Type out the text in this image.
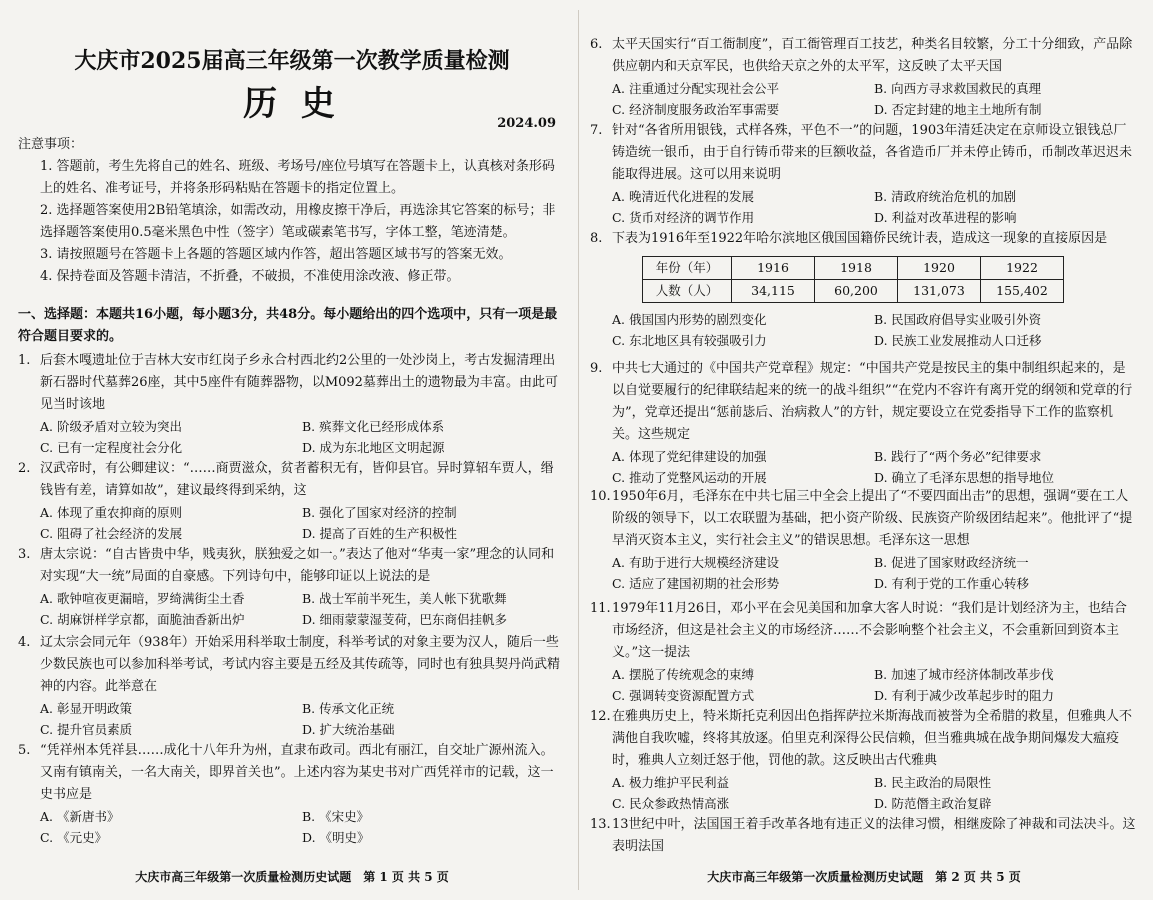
大庆市2025届高三年级第一次教学质量检测
历 史	2024.09
注意事项：
1. 答题前，考生先将自己的姓名、班级、考场号/座位号填写在答题卡上，认真核对条形码上的姓名、准考证号，并将条形码粘贴在答题卡的指定位置上。
2. 选择题答案使用2B铅笔填涂，如需改动，用橡皮擦干净后，再选涂其它答案的标号；非选择题答案使用0.5毫米黑色中性（签字）笔或碳素笔书写，字体工整，笔迹清楚。
3. 请按照题号在答题卡上各题的答题区域内作答，超出答题区域书写的答案无效。
4. 保持卷面及答题卡清洁，不折叠，不破损，不准使用涂改液、修正带。
一、选择题：本题共16小题，每小题3分，共48分。每小题给出的四个选项中，只有一项是最符合题目要求的。
1. 后套木嘎遗址位于吉林大安市红岗子乡永合村西北约2公里的一处沙岗上，考古发掘清理出新石器时代墓葬26座，其中5座件有随葬器物，以M092墓葬出土的遗物最为丰富。由此可见当时该地
A. 阶级矛盾对立较为突出	B. 殡葬文化已经形成体系
C. 已有一定程度社会分化	D. 成为东北地区文明起源
2. 汉武帝时，有公卿建议：“……商贾滋众，贫者蓄积无有，皆仰县官。异时算轺车贾人，缗钱皆有差，请算如故”，建议最终得到采纳，这
A. 体现了重农抑商的原则	B. 强化了国家对经济的控制
C. 阻碍了社会经济的发展	D. 提高了百姓的生产积极性
3. 唐太宗说：“自古皆贵中华，贱夷狄，朕独爱之如一。”表达了他对“华夷一家”理念的认同和对实现“大一统”局面的自豪感。下列诗句中，能够印证以上说法的是
A. 歌钟喧夜更漏暗，罗绮满街尘土香	B. 战士军前半死生，美人帐下犹歌舞
C. 胡麻饼样学京都，面脆油香新出炉	D. 细雨蒙蒙湿芰荷，巴东商侣挂帆多
4. 辽太宗会同元年（938年）开始采用科举取士制度，科举考试的对象主要为汉人，随后一些少数民族也可以参加科举考试，考试内容主要是五经及其传疏等，同时也有独具契丹尚武精神的内容。此举意在
A. 彰显开明政策	B. 传承文化正统
C. 提升官员素质	D. 扩大统治基础
5. “凭祥州本凭祥县……成化十八年升为州，直隶布政司。西北有丽江，自交址广源州流入。又南有镇南关，一名大南关，即界首关也”。上述内容为某史书对广西凭祥市的记载，这一史书应是
A. 《新唐书》	B. 《宋史》
C. 《元史》	D. 《明史》
大庆市高三年级第一次质量检测历史试题　第 1 页 共 5 页
6. 太平天国实行“百工衙制度”，百工衙管理百工技艺，种类名目较繁，分工十分细致，产品除供应朝内和天京军民，也供给天京之外的太平军，这反映了太平天国
A. 注重通过分配实现社会公平	B. 向西方寻求救国救民的真理
C. 经济制度服务政治军事需要	D. 否定封建的地主土地所有制
7. 针对“各省所用银钱，式样各殊，平色不一”的问题，1903年清廷决定在京师设立银钱总厂铸造统一银币，由于自行铸币带来的巨额收益，各省造币厂并未停止铸币，币制改革迟迟未能取得进展。这可以用来说明
A. 晚清近代化进程的发展	B. 清政府统治危机的加剧
C. 货币对经济的调节作用	D. 利益对改革进程的影响
8. 下表为1916年至1922年哈尔滨地区俄国国籍侨民统计表，造成这一现象的直接原因是
年份（年）	1916	1918	1920	1922
人数（人）	34,115	60,200	131,073	155,402
A. 俄国国内形势的剧烈变化	B. 民国政府倡导实业吸引外资
C. 东北地区具有较强吸引力	D. 民族工业发展推动人口迁移
9. 中共七大通过的《中国共产党章程》规定：“中国共产党是按民主的集中制组织起来的，是以自觉要履行的纪律联结起来的统一的战斗组织”“在党内不容许有离开党的纲领和党章的行为”，党章还提出“惩前毖后、治病救人”的方针，规定要设立在党委指导下工作的监察机关。这些规定
A. 体现了党纪律建设的加强	B. 践行了“两个务必”纪律要求
C. 推动了党整风运动的开展	D. 确立了毛泽东思想的指导地位
10. 1950年6月，毛泽东在中共七届三中全会上提出了“不要四面出击”的思想，强调“要在工人阶级的领导下，以工农联盟为基础，把小资产阶级、民族资产阶级团结起来”。他批评了“提早消灭资本主义，实行社会主义”的错误思想。毛泽东这一思想
A. 有助于进行大规模经济建设	B. 促进了国家财政经济统一
C. 适应了建国初期的社会形势	D. 有利于党的工作重心转移
11. 1979年11月26日，邓小平在会见美国和加拿大客人时说：“我们是计划经济为主，也结合市场经济，但这是社会主义的市场经济……不会影响整个社会主义，不会重新回到资本主义。”这一提法
A. 摆脱了传统观念的束缚	B. 加速了城市经济体制改革步伐
C. 强调转变资源配置方式	D. 有利于减少改革起步时的阻力
12. 在雅典历史上，特米斯托克利因出色指挥萨拉米斯海战而被誉为全希腊的救星，但雅典人不满他自我吹嘘，终将其放逐。伯里克利深得公民信赖，但当雅典城在战争期间爆发大瘟疫时，雅典人立刻迁怒于他，罚他的款。这反映出古代雅典
A. 极力维护平民利益	B. 民主政治的局限性
C. 民众参政热情高涨	D. 防范僭主政治复辟
13. 13世纪中叶，法国国王着手改革各地有违正义的法律习惯，相继废除了神裁和司法决斗。这表明法国
大庆市高三年级第一次质量检测历史试题　第 2 页 共 5 页
